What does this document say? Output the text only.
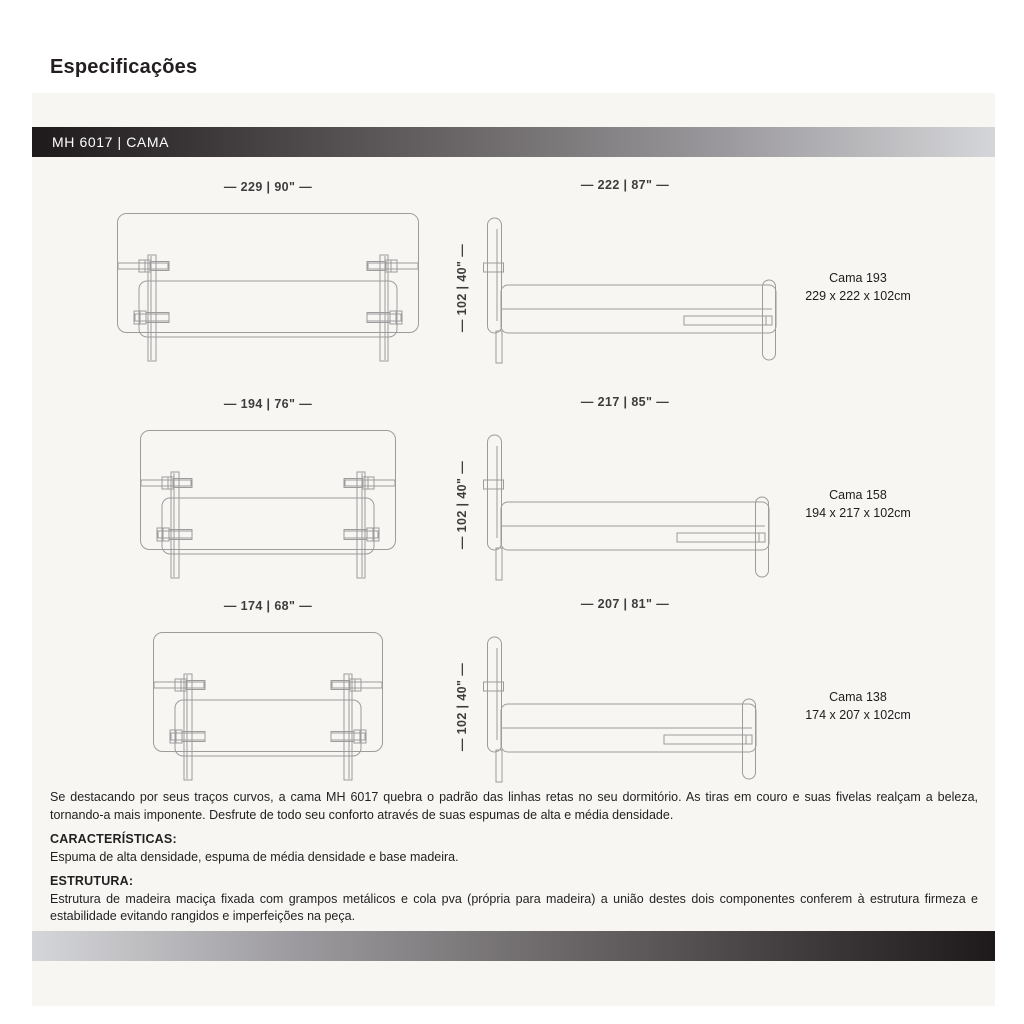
Especificações
MH 6017 | CAMA
— 229 | 90" —	— 222 | 87" —
— 102 | 40" —	Cama 193
229 x 222 x 102cm
— 194 | 76" —	— 217 | 85" —
— 102 | 40" —	Cama 158
194 x 217 x 102cm
— 174 | 68" —	— 207 | 81" —
— 102 | 40" —	Cama 138
174 x 207 x 102cm

Se destacando por seus traços curvos, a cama MH 6017 quebra o padrão das linhas retas no seu dormitório. As tiras em couro e suas fivelas realçam a beleza, tornando-a mais imponente. Desfrute de todo seu conforto através de suas espumas de alta e média densidade.

CARACTERÍSTICAS:

Espuma de alta densidade, espuma de média densidade e base madeira.

ESTRUTURA:

Estrutura de madeira maciça fixada com grampos metálicos e cola pva (própria para madeira) a união destes dois componentes conferem à estrutura firmeza e estabilidade evitando rangidos e imperfeições na peça.
